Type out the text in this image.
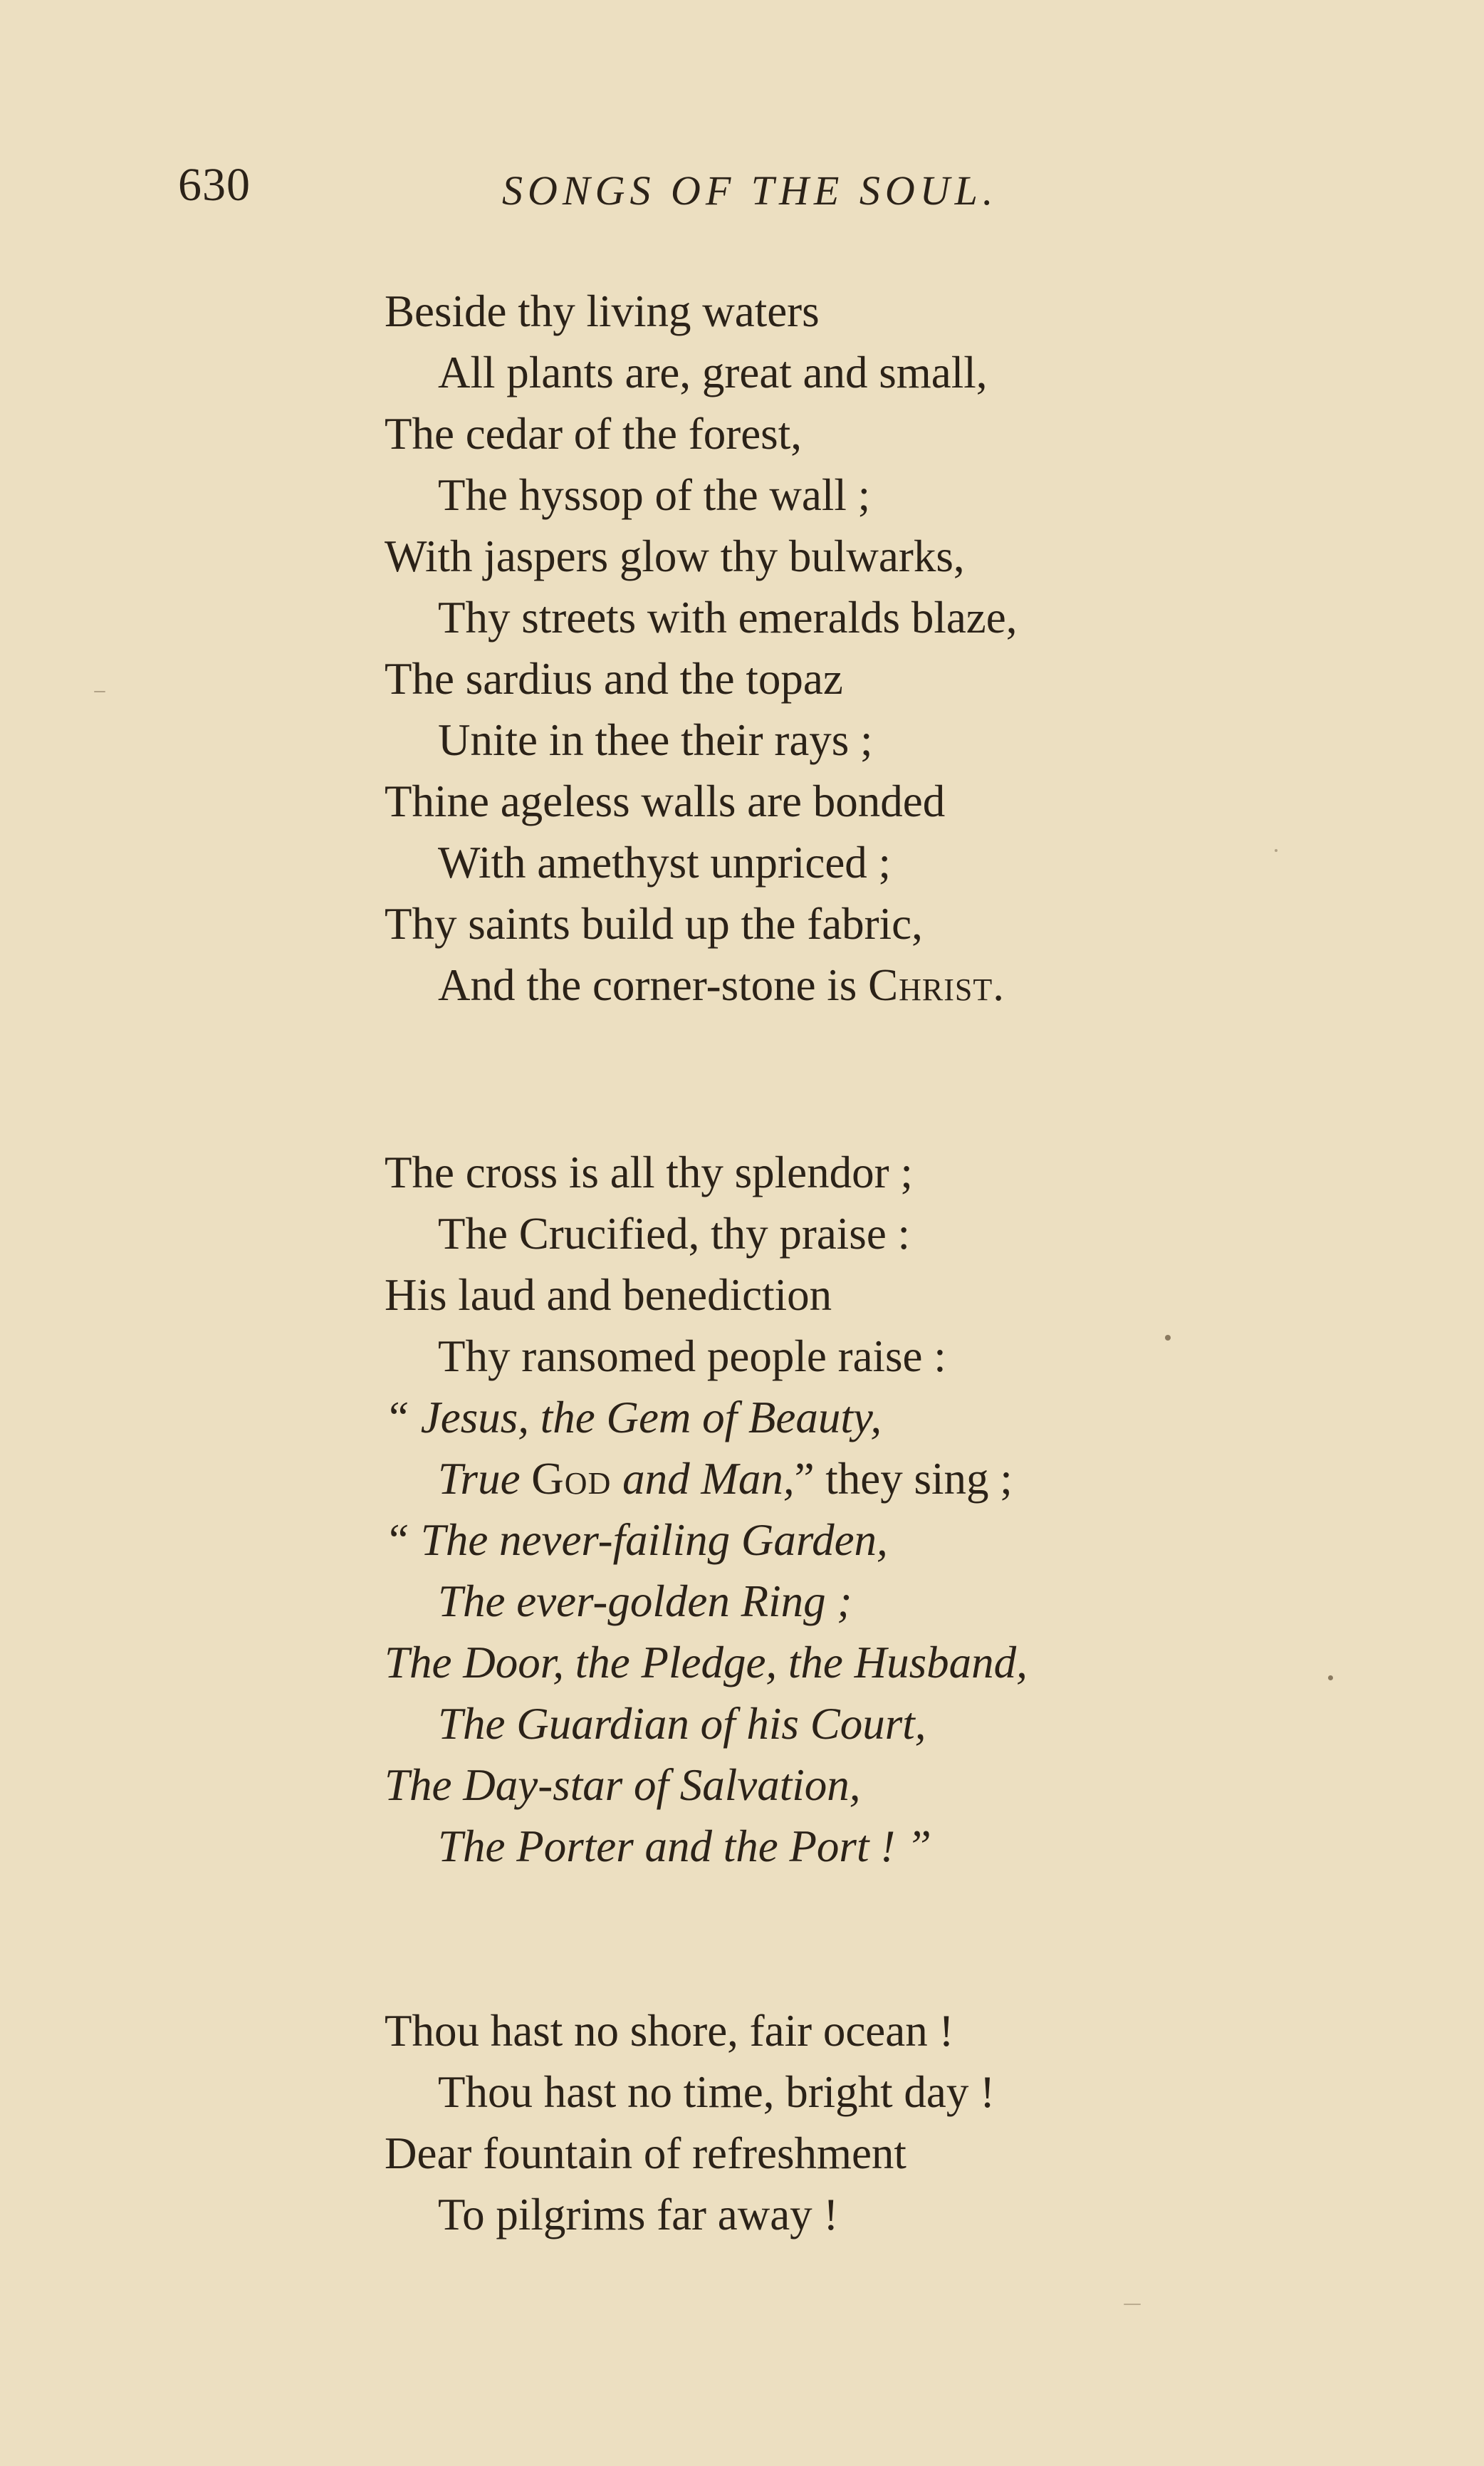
630	SONGS OF THE SOUL.
Beside thy living waters
All plants are, great and small,
The cedar of the forest,
The hyssop of the wall ;
With jaspers glow thy bulwarks,
Thy streets with emeralds blaze,
The sardius and the topaz
Unite in thee their rays ;
Thine ageless walls are bonded
With amethyst unpriced ;
Thy saints build up the fabric,
And the corner-stone is Christ.
The cross is all thy splendor ;
The Crucified, thy praise :
His laud and benediction
Thy ransomed people raise :
“ Jesus, the Gem of Beauty,
True God and Man,” they sing ;
“ The never-failing Garden,
The ever-golden Ring ;
The Door, the Pledge, the Husband,
The Guardian of his Court,
The Day-star of Salvation,
The Porter and the Port ! ”
Thou hast no shore, fair ocean !
Thou hast no time, bright day !
Dear fountain of refreshment
To pilgrims far away !
